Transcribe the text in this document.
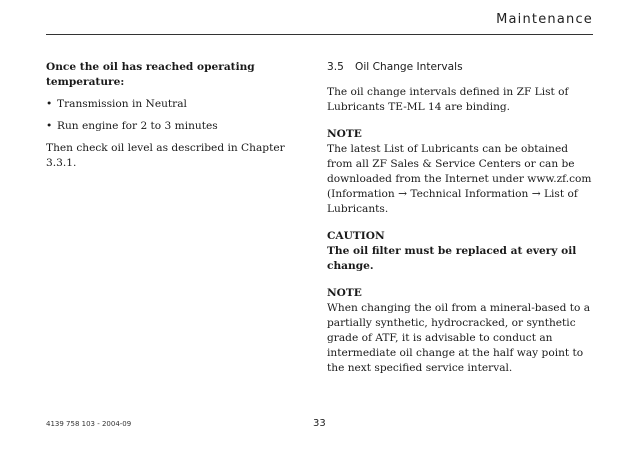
Maintenance

Once the oil has reached operating temperature:

• Transmission in Neutral
• Run engine for 2 to 3 minutes

Then check oil level as described in Chapter 3.3.1.

3.5 Oil Change Intervals

The oil change intervals defined in ZF List of Lubricants TE-ML 14 are binding.

NOTE

The latest List of Lubricants can be obtained from all ZF Sales & Service Centers or can be downloaded from the Internet under www.zf.com (Information → Technical Information → List of Lubricants.

CAUTION

The oil filter must be replaced at every oil change.

NOTE

When changing the oil from a mineral-based to a partially synthetic, hydrocracked, or synthetic grade of ATF, it is advisable to conduct an intermediate oil change at the half way point to the next specified service interval.

4139 758 103 - 2004-09	33
